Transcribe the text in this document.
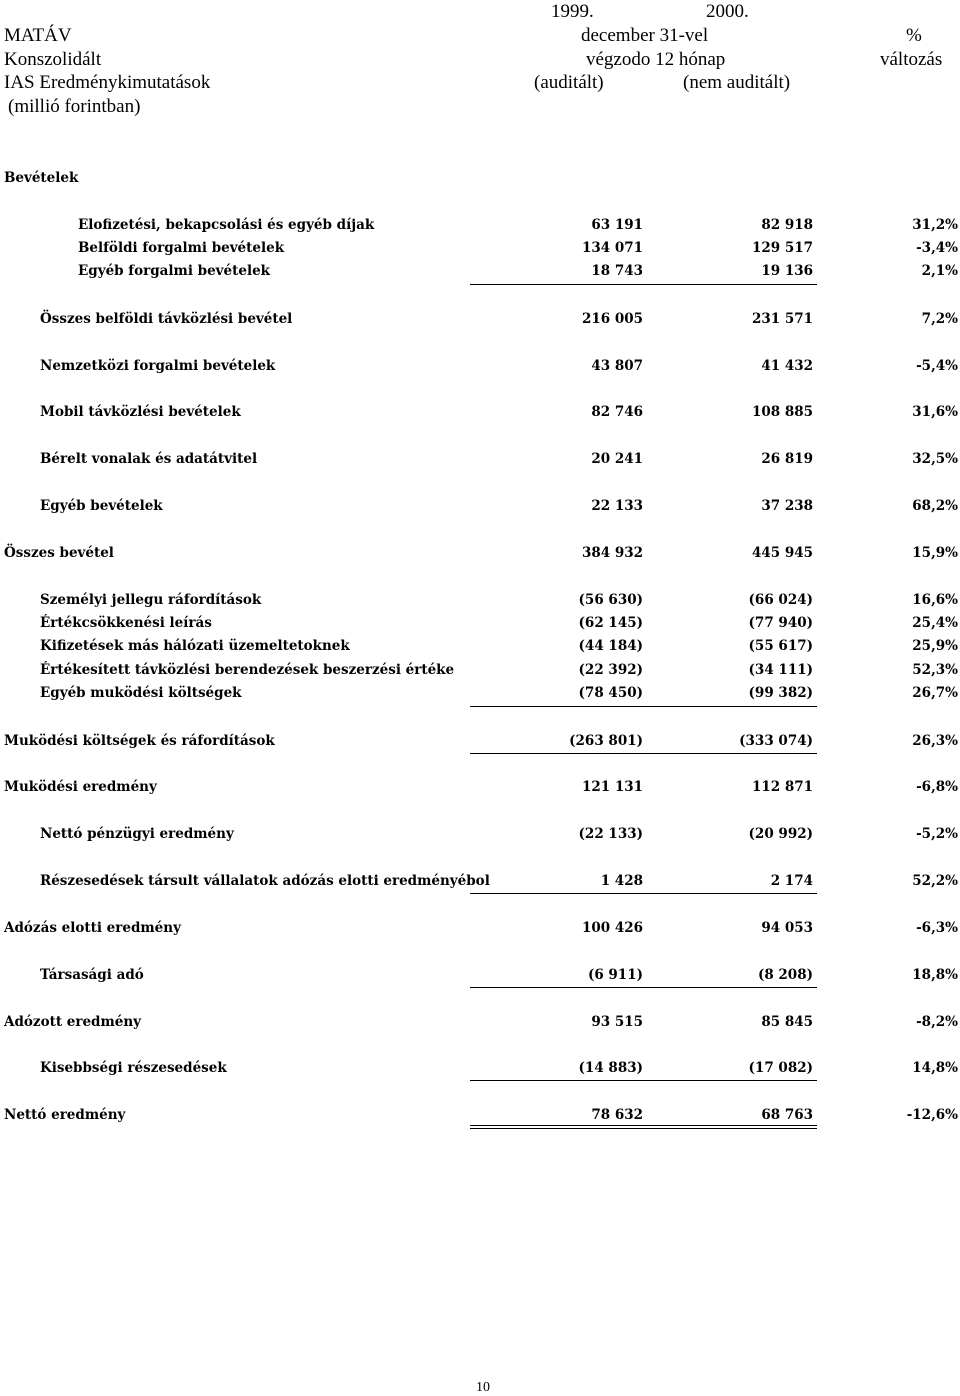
1999.	2000.
MATÁV
Konszolidált
IAS Eredménykimutatások
(millió forintban)
december 31-vel
végzodo 12 hónap
(auditált)	(nem auditált)
%
változás
Bevételek
Elofizetési, bekapcsolási és egyéb díjak	63 191	82 918	31,2%
Belföldi forgalmi bevételek	134 071	129 517	-3,4%
Egyéb forgalmi bevételek	18 743	19 136	2,1%
Összes belföldi távközlési bevétel	216 005	231 571	7,2%
Nemzetközi forgalmi bevételek	43 807	41 432	-5,4%
Mobil távközlési bevételek	82 746	108 885	31,6%
Bérelt vonalak és adatátvitel	20 241	26 819	32,5%
Egyéb bevételek	22 133	37 238	68,2%
Összes bevétel	384 932	445 945	15,9%
Személyi jellegu ráfordítások	(56 630)	(66 024)	16,6%
Értékcsökkenési leírás	(62 145)	(77 940)	25,4%
Kifizetések más hálózati üzemeltetoknek	(44 184)	(55 617)	25,9%
Értékesített távközlési berendezések beszerzési értéke	(22 392)	(34 111)	52,3%
Egyéb muködési költségek	(78 450)	(99 382)	26,7%
Muködési költségek és ráfordítások	(263 801)	(333 074)	26,3%
Muködési eredmény	121 131	112 871	-6,8%
Nettó pénzügyi eredmény	(22 133)	(20 992)	-5,2%
Részesedések társult vállalatok adózás elotti eredményébol	1 428	2 174	52,2%
Adózás elotti eredmény	100 426	94 053	-6,3%
Társasági adó	(6 911)	(8 208)	18,8%
Adózott eredmény	93 515	85 845	-8,2%
Kisebbségi részesedések	(14 883)	(17 082)	14,8%
Nettó eredmény	78 632	68 763	-12,6%
10
